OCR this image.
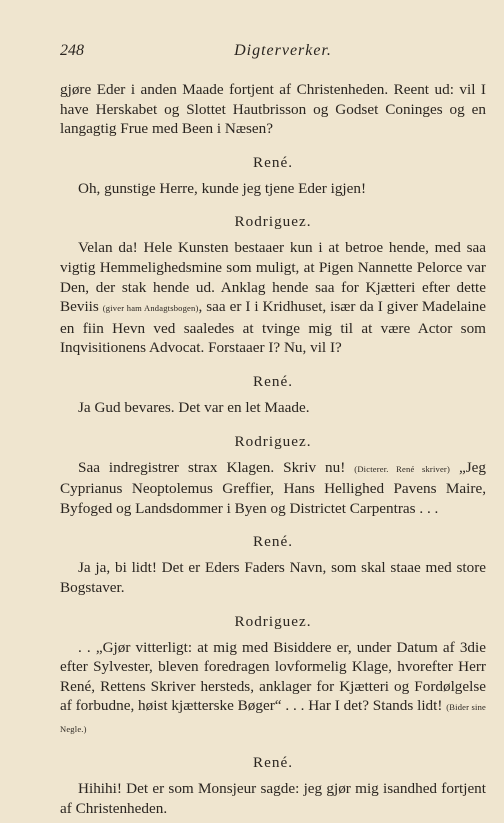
248	Digterverker.

gjøre Eder i anden Maade fortjent af Christenheden. Reent ud: vil I have Herskabet og Slottet Hautbrisson og Godset Coninges og en langagtig Frue med Been i Næsen?

René.

Oh, gunstige Herre, kunde jeg tjene Eder igjen!

Rodriguez.

Velan da! Hele Kunsten bestaaer kun i at betroe hende, med saa vigtig Hemmelighedsmine som muligt, at Pigen Nannette Pelorce var Den, der stak hende ud. Anklag hende saa for Kjætteri efter dette Beviis (giver ham Andagtsbogen), saa er I i Kridhuset, især da I giver Madelaine en fiin Hevn ved saaledes at tvinge mig til at være Actor som Inqvisitionens Advocat. Forstaaer I? Nu, vil I?

René.

Ja Gud bevares. Det var en let Maade.

Rodriguez.

Saa indregistrer strax Klagen. Skriv nu! (Dicterer. René skriver) „Jeg Cyprianus Neoptolemus Greffier, Hans Hellighed Pavens Maire, Byfoged og Landsdommer i Byen og Districtet Carpentras . . .

René.

Ja ja, bi lidt! Det er Eders Faders Navn, som skal staae med store Bogstaver.

Rodriguez.

. . „Gjør vitterligt: at mig med Bisiddere er, under Datum af 3die efter Sylvester, bleven foredragen lovformelig Klage, hvorefter Herr René, Rettens Skriver hersteds, anklager for Kjætteri og Fordølgelse af forbudne, høist kjætterske Bøger“ . . . Har I det? Stands lidt! (Bider sine Negle.)

René.

Hihihi! Det er som Monsjeur sagde: jeg gjør mig isandhed fortjent af Christenheden.
